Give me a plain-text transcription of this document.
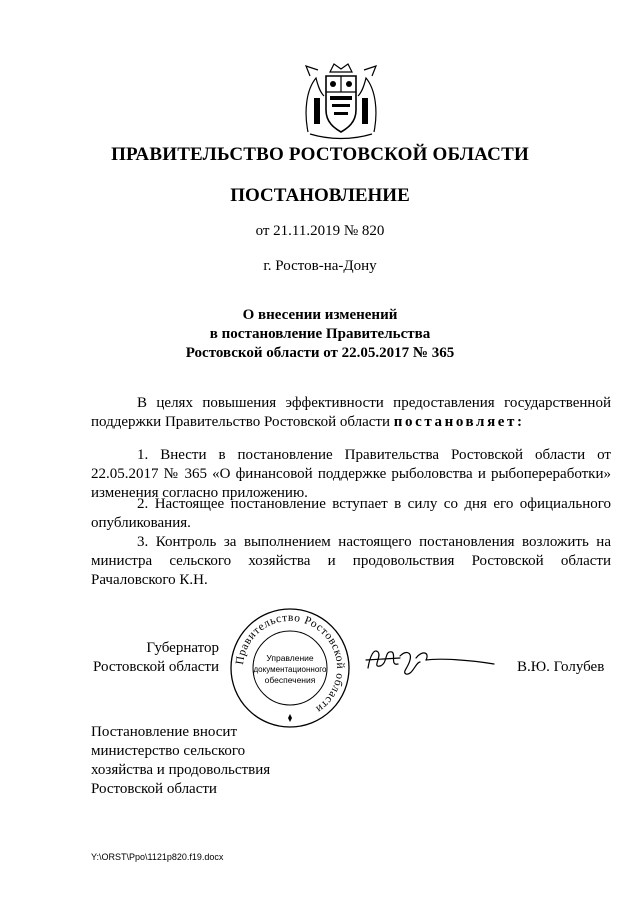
ПРАВИТЕЛЬСТВО РОСТОВСКОЙ ОБЛАСТИ
ПОСТАНОВЛЕНИЕ
от 21.11.2019 № 820
г. Ростов-на-Дону
О внесении изменений
в постановление Правительства
Ростовской области от 22.05.2017 № 365
В целях повышения эффективности предоставления государственной поддержки Правительство Ростовской области постановляет:
1. Внести в постановление Правительства Ростовской области от 22.05.2017 № 365 «О финансовой поддержке рыболовства и рыбопереработки» изменения согласно приложению.
2. Настоящее постановление вступает в силу со дня его официального опубликования.
3. Контроль за выполнением настоящего постановления возложить на министра сельского хозяйства и продовольствия Ростовской области Рачаловского К.Н.
Губернатор
Ростовской области Правительство Ростовской области
Управление
документационного
обеспечения
В.Ю. Голубев
Постановление вносит
министерство сельского
хозяйства и продовольствия
Ростовской области
Y:\ORST\Ppo\1121p820.f19.docx
